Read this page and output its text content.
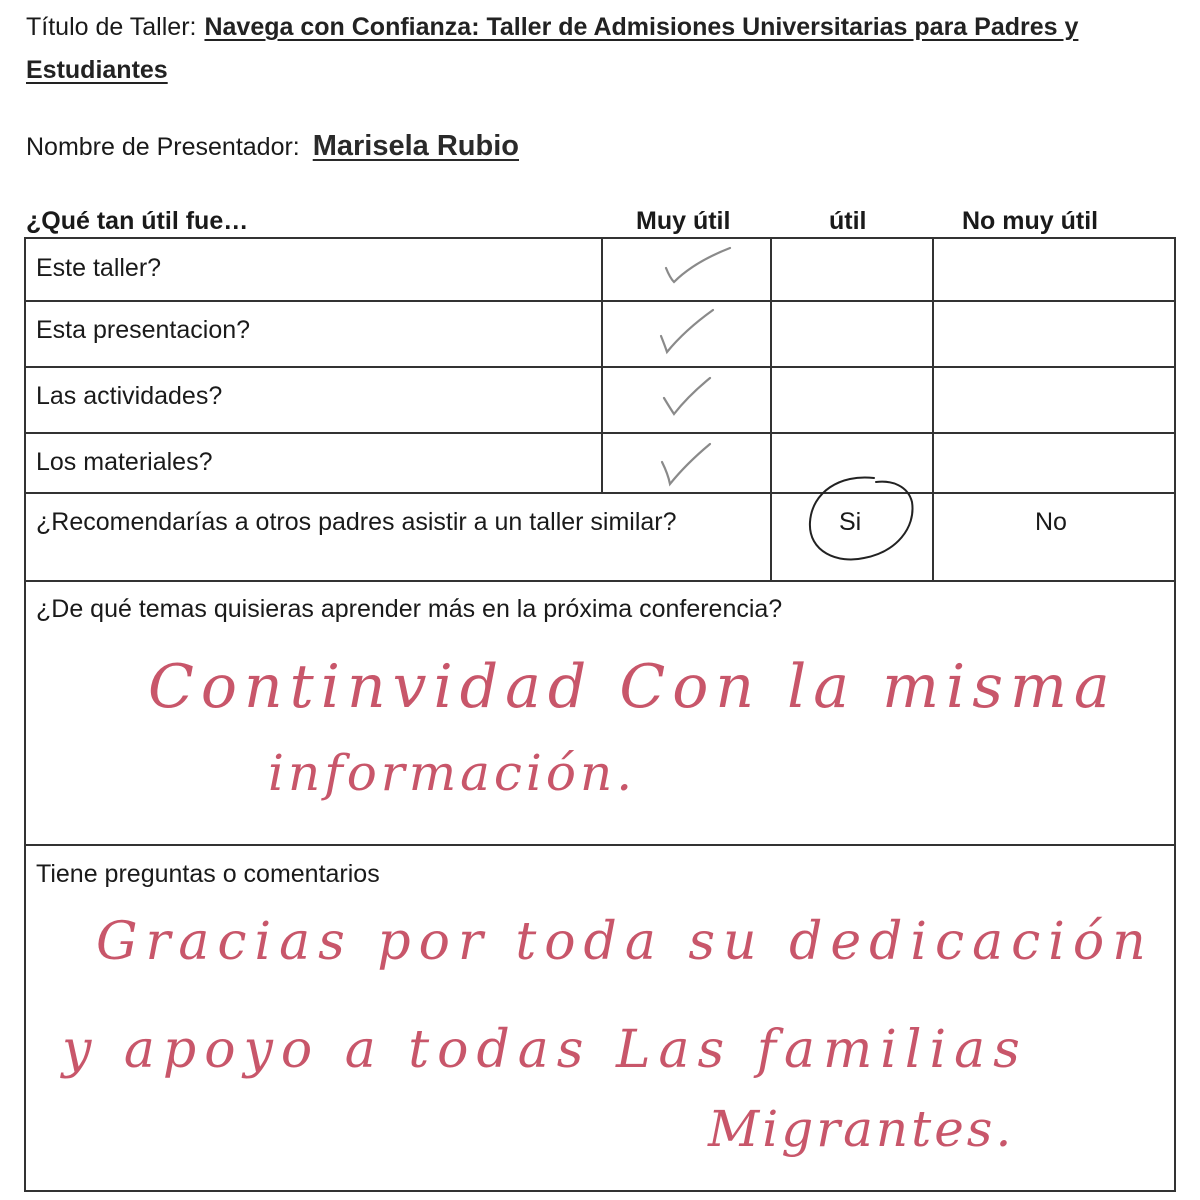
Título de Taller: Navega con Confianza: Taller de Admisiones Universitarias para Padres y Estudiantes
Nombre de Presentador: Marisela Rubio
¿Qué tan útil fue…	Muy útil	útil	No muy útil
Este taller?
Esta presentacion?
Las actividades?
Los materiales?
¿Recomendarías a otros padres asistir a un taller similar?	Si	No
¿De qué temas quisieras aprender más en la próxima conferencia?
Continvidad Con la misma
información.
Tiene preguntas o comentarios
Gracias por toda su dedicación
y apoyo a todas Las familias
Migrantes.
